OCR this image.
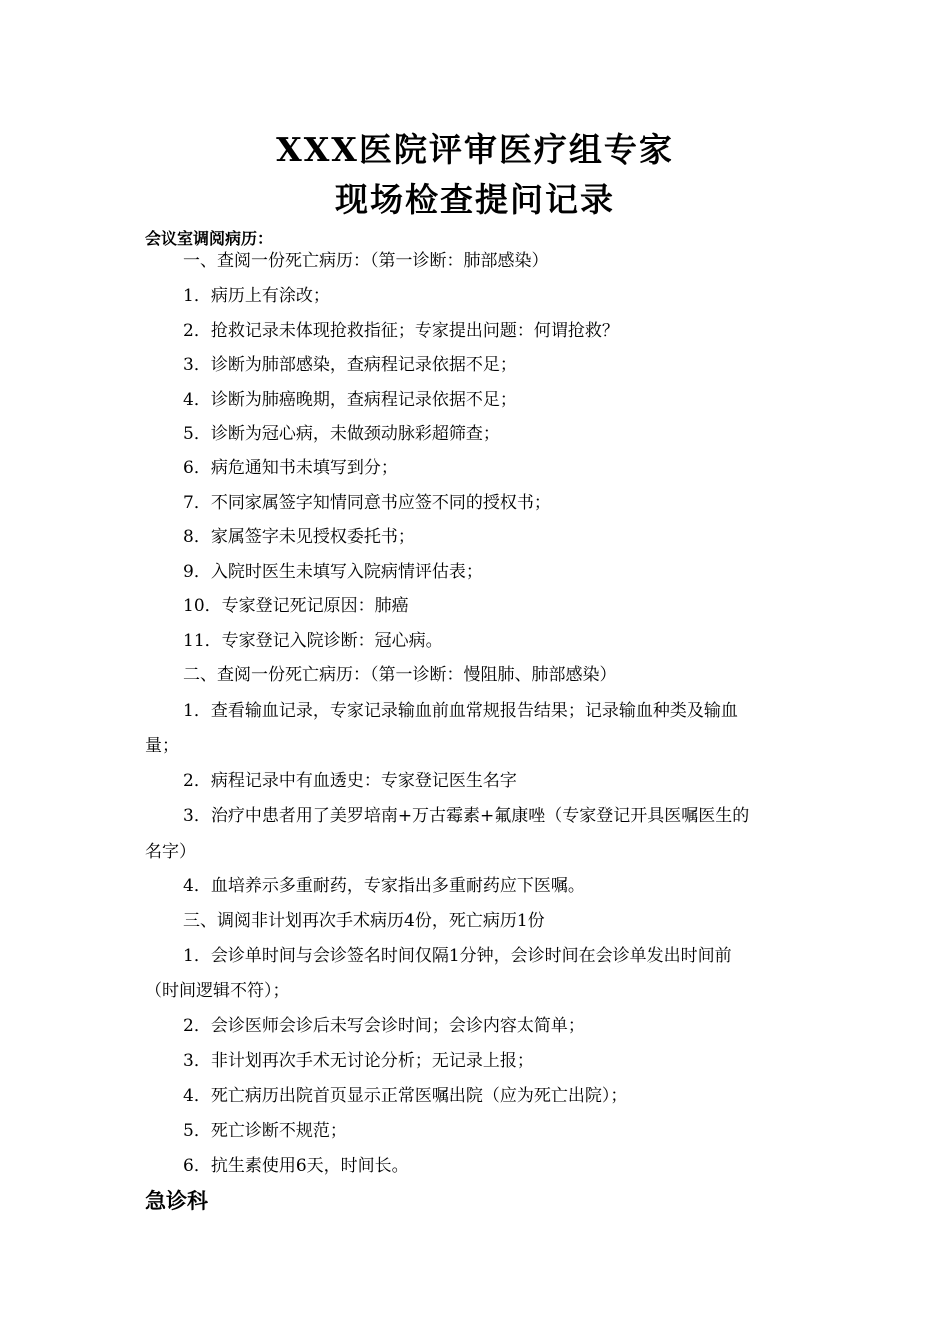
XXX医院评审医疗组专家
现场检查提问记录

会议室调阅病历：

一、查阅一份死亡病历：（第一诊断：肺部感染）

1．病历上有涂改；

2．抢救记录未体现抢救指征；专家提出问题：何谓抢救？

3．诊断为肺部感染，查病程记录依据不足；

4．诊断为肺癌晚期，查病程记录依据不足；

5．诊断为冠心病，未做颈动脉彩超筛查；

6．病危通知书未填写到分；

7．不同家属签字知情同意书应签不同的授权书；

8．家属签字未见授权委托书；

9．入院时医生未填写入院病情评估表；

10．专家登记死记原因：肺癌

11．专家登记入院诊断：冠心病。

二、查阅一份死亡病历：（第一诊断：慢阻肺、肺部感染）

1．查看输血记录，专家记录输血前血常规报告结果；记录输血种类及输血

量；

2．病程记录中有血透史：专家登记医生名字

3．治疗中患者用了美罗培南+万古霉素+氟康唑（专家登记开具医嘱医生的

名字）

4．血培养示多重耐药，专家指出多重耐药应下医嘱。

三、调阅非计划再次手术病历4份，死亡病历1份

1．会诊单时间与会诊签名时间仅隔1分钟，会诊时间在会诊单发出时间前

（时间逻辑不符）；

2．会诊医师会诊后未写会诊时间；会诊内容太简单；

3．非计划再次手术无讨论分析；无记录上报；

4．死亡病历出院首页显示正常医嘱出院（应为死亡出院）；

5．死亡诊断不规范；

6．抗生素使用6天，时间长。

急诊科
